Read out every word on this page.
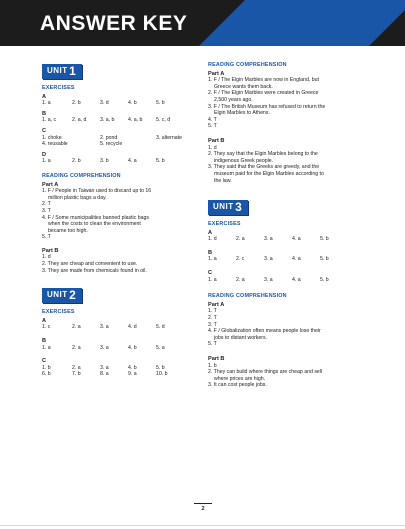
ANSWER KEY
UNIT 1
EXERCISES
A
1. a	2. b	3. d	4. b	5. b
B
1. a, c	2. a, d	3. a, b	4. a, b	5. c, d
C
1. choke	2. pond	3. alternate
4. reusable	5. recycle
D
1. a	2. b	3. b	4. a	5. b
READING COMPREHENSION
Part A
1. F / People in Taiwan used to discard up to 16
million plastic bags a day.
2. T
3. T
4. F / Some municipalities banned plastic bags
when the costs to clean the environment
became too high.
5. T
Part B
1. d
2. They are cheap and convenient to use.
3. They are made from chemicals found in oil.
UNIT 2
EXERCISES
A
1. c	2. a	3. a	4. d	5. d
B
1. a	2. a	3. a	4. b	5. a
C
1. b	2. a	3. a	4. b	5. b
6. b	7. b	8. a	9. a	10. b
READING COMPREHENSION
Part A
1. F / The Elgin Marbles are now in England, but
Greece wants them back.
2. F / The Elgin Marbles were created in Greece
2,500 years ago.
3. F / The British Museum has refused to return the
Elgin Marbles to Athens.
4. T
5. T
Part B
1. d
2. They say that the Elgin Marbles belong to the
indigenous Greek people.
3. They said that the Greeks are greedy, and the
museum paid for the Elgin Marbles according to
the law.
UNIT 3
EXERCISES
A
1. d	2. a	3. a	4. a	5. b
B
1. a	2. c	3. a	4. a	5. b
C
1. a	2. a	3. a	4. a	5. b
READING COMPREHENSION
Part A
1. T
2. T
3. T
4. F / Globalization often means people lose their
jobs to distant workers.
5. T
Part B
1. b
2. They can build where things are cheap and sell
where prices are high.
3. It can cost people jobs.
2
